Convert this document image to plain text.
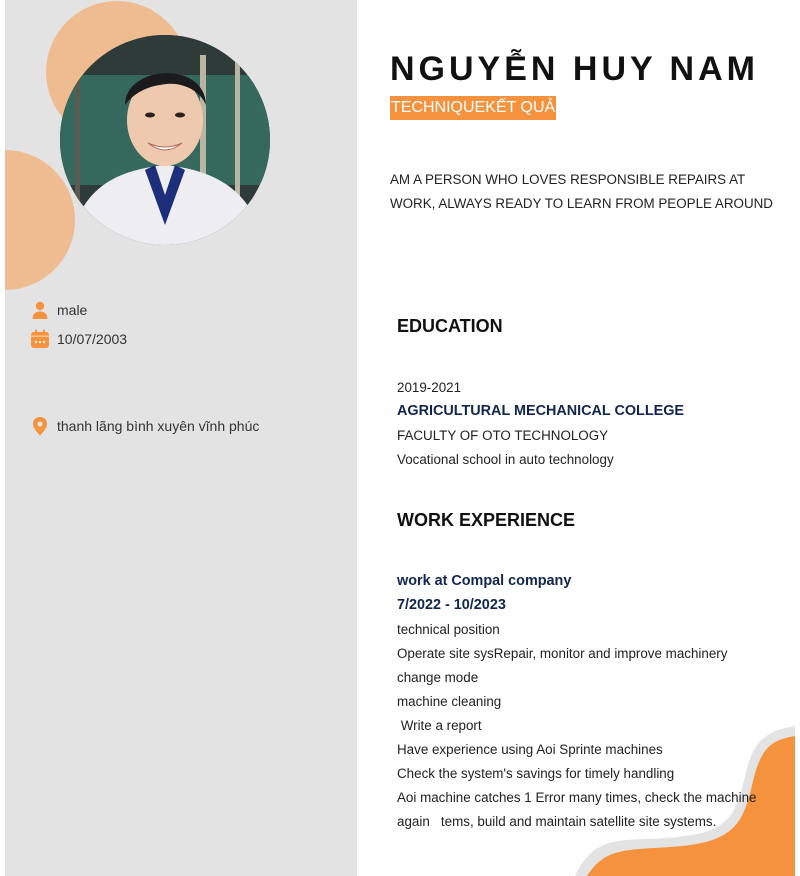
male
10/07/2003
thanh lãng bình xuyên vĩnh phúc
NGUYỄN HUY NAM
TECHNIQUEKẾT QUẢ

AM A PERSON WHO LOVES RESPONSIBLE REPAIRS AT WORK, ALWAYS READY TO LEARN FROM PEOPLE AROUND

EDUCATION
2019-2021
AGRICULTURAL MECHANICAL COLLEGE
FACULTY OF OTO TECHNOLOGY
Vocational school in auto technology
WORK EXPERIENCE
work at Compal company
7/2022 - 10/2023
technical position
Operate site sysRepair, monitor and improve machinery change mode
machine cleaning
Write a report
Have experience using Aoi Sprinte machines
Check the system's savings for timely handling
Aoi machine catches 1 Error many times, check the machine again   tems, build and maintain satellite site systems.
